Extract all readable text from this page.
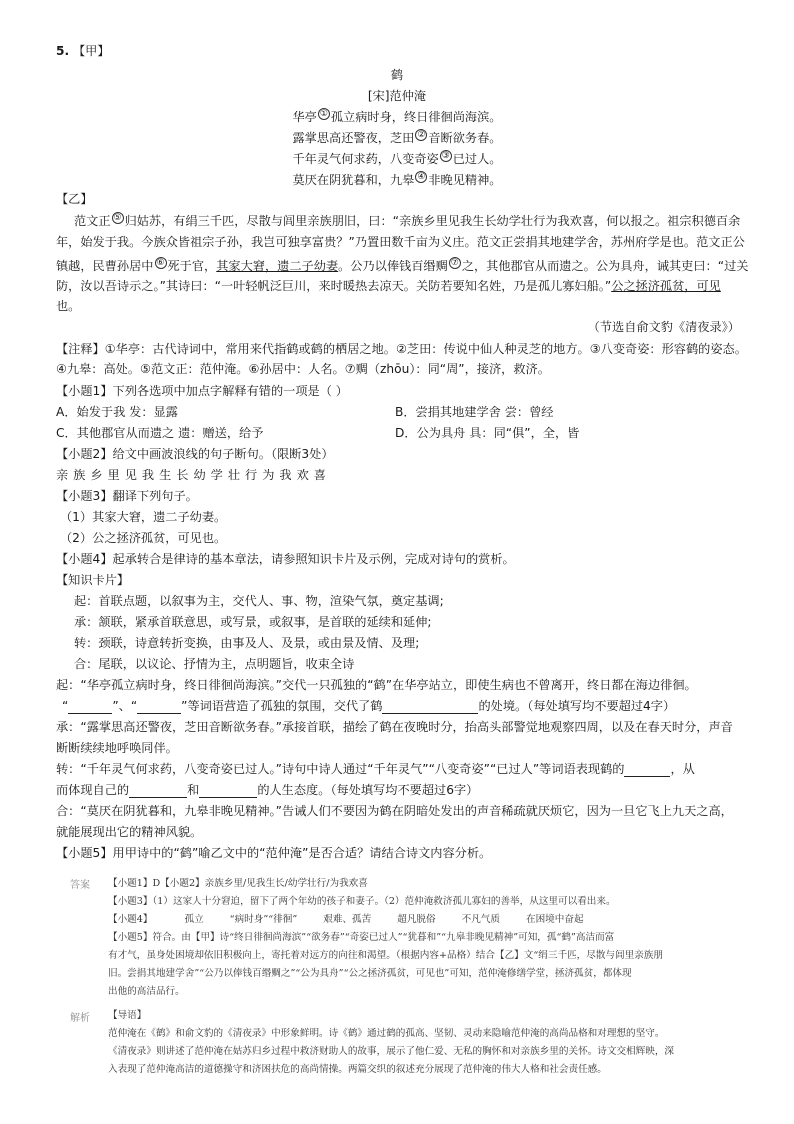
5. 【甲】
鹤
[宋]范仲淹
华亭 ① 孤立病时身，终日徘徊尚海滨。
露掌思高还警夜，芝田 ② 音断欲务春。
千年灵气何求药，八变奇姿 ③ 已过人。
莫厌在阴犹暮和，九皋 ④ 非晚见精神。
【乙】
范文正 ⑤ 归姑苏，有绢三千匹，尽散与闾里亲族朋旧，曰：“亲族乡里见我生长幼学壮行为我欢喜，何以报之。祖宗积德百余
年，始发于我。今族众皆祖宗子孙，我岂可独享富贵？”乃置田数千亩为义庄。范文正尝捐其地建学舍，苏州府学是也。范文正公
镇越，民曹孙居中 ⑥ 死于官，其家大窘，遗二子幼妻。公乃以俸钱百缗赒 ⑦ 之，其他郡官从而遗之。公为具舟，诫其吏曰：“过关
防，汝以吾诗示之。”其诗曰：“一叶轻帆泛巨川，来时暖热去凉天。关防若要知名姓，乃是孤儿寡妇船。”公之拯济孤贫，可见
也。
（节选自俞文豹《清夜录》）
【注释】①华亭：古代诗词中，常用来代指鹤或鹤的栖居之地。②芝田：传说中仙人种灵芝的地方。③八变奇姿：形容鹤的姿态。
④九皋：高处。⑤范文正：范仲淹。⑥孙居中：人名。⑦赒（zhōu）：同“周”，接济，救济。
【小题1】下列各选项中加点字解释有错的一项是（ ）
A．始发于我 发：显露	B．尝捐其地建学舍 尝：曾经
C．其他郡官从而遗之 遗：赠送，给予	D．公为具舟 具：同“俱”，全，皆
【小题2】给文中画波浪线的句子断句。（限断3处）
亲族乡里见我生长幼学壮行为我欢喜
【小题3】翻译下列句子。
（1）其家大窘，遗二子幼妻。
（2）公之拯济孤贫，可见也。
【小题4】起承转合是律诗的基本章法，请参照知识卡片及示例，完成对诗句的赏析。
【知识卡片】
起：首联点题，以叙事为主，交代人、事、物，渲染气氛，奠定基调;
承：颔联，紧承首联意思，或写景，或叙事，是首联的延续和延伸;
转：颈联，诗意转折变换，由事及人、及景，或由景及情、及理;
合：尾联，以议论、抒情为主，点明题旨，收束全诗
起：“华亭孤立病时身，终日徘徊尚海滨。”交代一只孤独的“鹤”在华亭站立，即使生病也不曾离开，终日都在海边徘徊。
“	”、“	”等词语营造了孤独的氛围，交代了鹤	的处境。（每处填写均不要超过4字）
承：“露掌思高还警夜，芝田音断欲务春。”承接首联，描绘了鹤在夜晚时分，抬高头部警觉地观察四周，以及在春天时分，声音
断断续续地呼唤同伴。
转：“千年灵气何求药，八变奇姿已过人。”诗句中诗人通过“千年灵气”“八变奇姿”“已过人”等词语表现鹤的	，从
而体现自己的	和	的人生态度。（每处填写均不要超过6字）
合：“莫厌在阴犹暮和，九皋非晚见精神。”告诫人们不要因为鹤在阴暗处发出的声音稀疏就厌烦它，因为一旦它飞上九天之高，
就能展现出它的精神风貌。
【小题5】用甲诗中的“鹤”喻乙文中的“范仲淹”是否合适？请结合诗文内容分析。
答案 【小题1】D【小题2】亲族乡里/见我生长/幼学壮行/为我欢喜
【小题3】（1）这家人十分窘迫，留下了两个年幼的孩子和妻子。（2）范仲淹救济孤儿寡妇的善举，从这里可以看出来。
【小题4】	孤立	“病时身”“徘徊”	艰难、孤苦	超凡脱俗	不凡气质	在困境中奋起
【小题5】符合。由【甲】诗“终日徘徊尚海滨”“欲务春”“奇姿已过人”“犹暮和”“九皋非晚见精神”可知，孤“鹤”高洁而富
有才气，虽身处困境却依旧积极向上，寄托着对远方的向往和渴望。（根据内容+品格）结合【乙】文“绢三千匹，尽散与闾里亲族朋
旧。尝捐其地建学舍”“公乃以俸钱百缗赒之”“公为具舟”“公之拯济孤贫，可见也”可知，范仲淹修缮学堂，拯济孤贫，都体现
出他的高洁品行。
解析 【导语】
范仲淹在《鹤》和俞文豹的《清夜录》中形象鲜明。诗《鹤》通过鹤的孤高、坚韧、灵动来隐喻范仲淹的高尚品格和对理想的坚守。
《清夜录》则讲述了范仲淹在姑苏归乡过程中救济财助人的故事，展示了他仁爱、无私的胸怀和对亲族乡里的关怀。诗文交相辉映，深
入表现了范仲淹高洁的道德操守和济困扶危的高尚情操。两篇交织的叙述充分展现了范仲淹的伟大人格和社会责任感。
